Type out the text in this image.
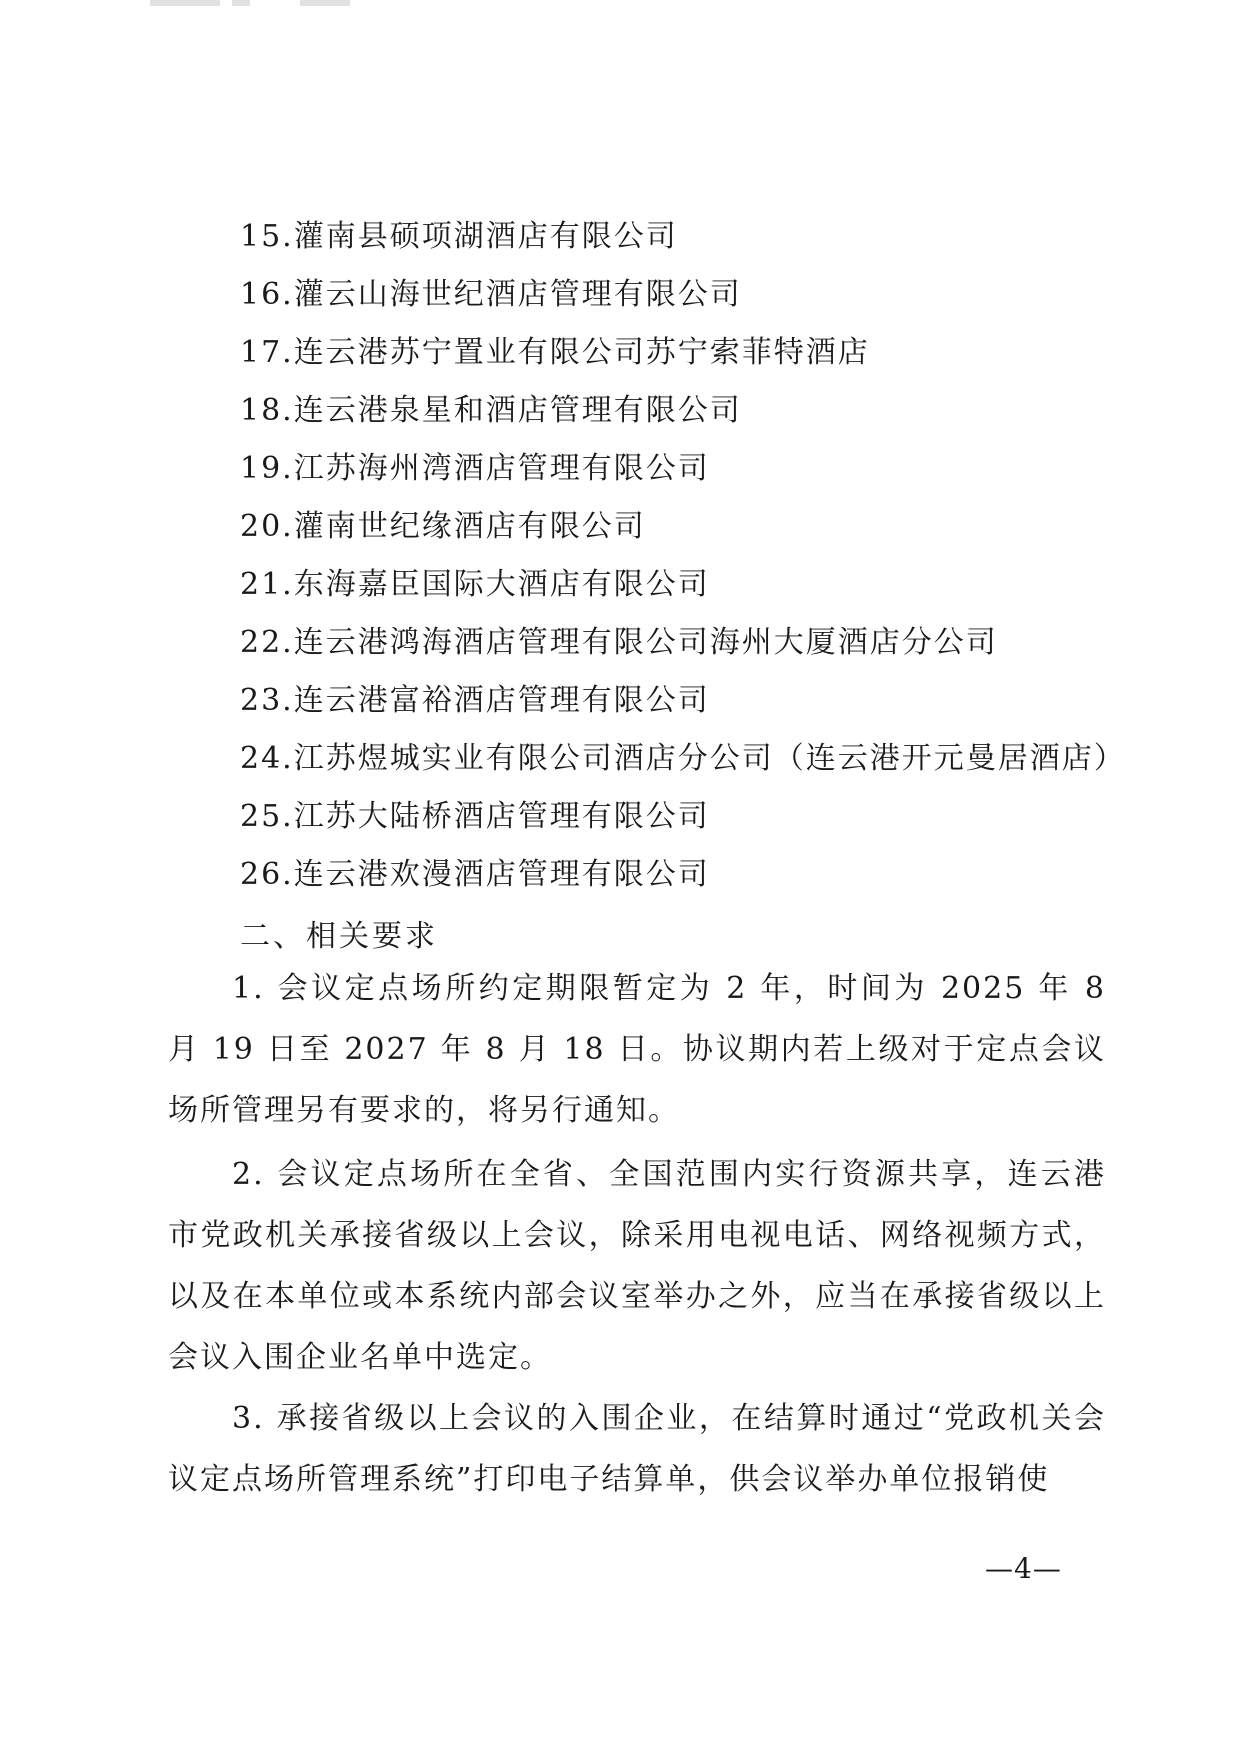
15.灌南县硕项湖酒店有限公司
16.灌云山海世纪酒店管理有限公司
17.连云港苏宁置业有限公司苏宁索菲特酒店
18.连云港泉星和酒店管理有限公司
19.江苏海州湾酒店管理有限公司
20.灌南世纪缘酒店有限公司
21.东海嘉臣国际大酒店有限公司
22.连云港鸿海酒店管理有限公司海州大厦酒店分公司
23.连云港富裕酒店管理有限公司
24.江苏煜城实业有限公司酒店分公司（连云港开元曼居酒店）
25.江苏大陆桥酒店管理有限公司
26.连云港欢漫酒店管理有限公司
二、相关要求

1. 会议定点场所约定期限暂定为 2 年，时间为 2025 年 8 月 19 日至 2027 年 8 月 18 日。协议期内若上级对于定点会议场所管理另有要求的，将另行通知。

2. 会议定点场所在全省、全国范围内实行资源共享，连云港市党政机关承接省级以上会议，除采用电视电话、网络视频方式，以及在本单位或本系统内部会议室举办之外，应当在承接省级以上会议入围企业名单中选定。

3. 承接省级以上会议的入围企业，在结算时通过“党政机关会议定点场所管理系统”打印电子结算单，供会议举办单位报销使

—4—
